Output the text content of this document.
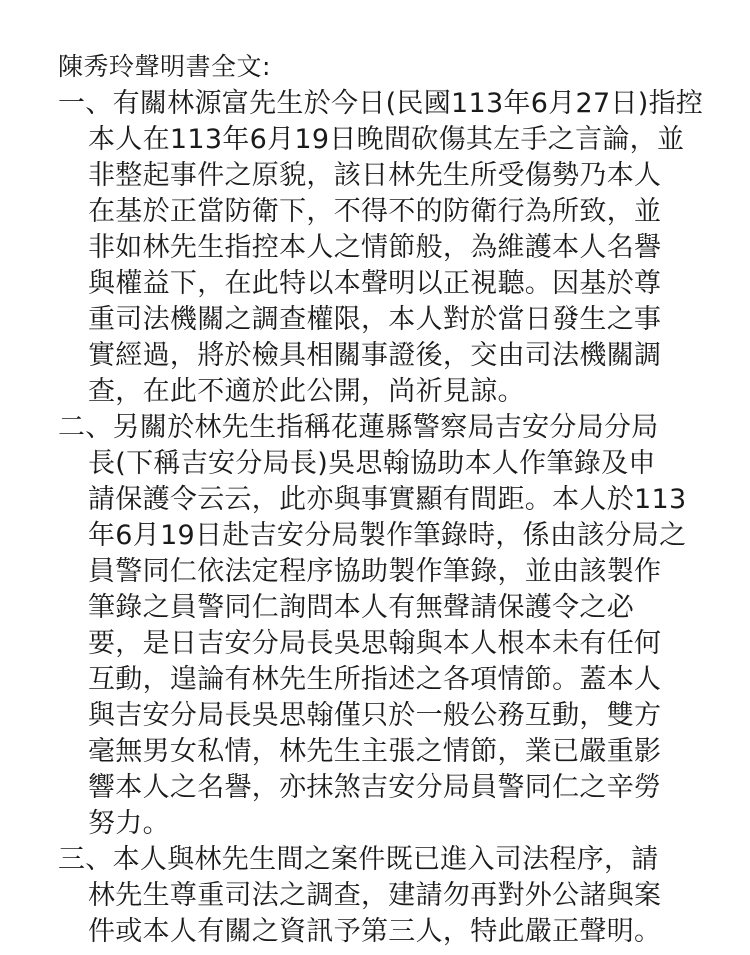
陳秀玲聲明書全文:
一、有關林源富先生於今日(民國113年6月27日)指控
本人在113年6月19日晚間砍傷其左手之言論，並
非整起事件之原貌，該日林先生所受傷勢乃本人
在基於正當防衛下，不得不的防衛行為所致，並
非如林先生指控本人之情節般，為維護本人名譽
與權益下，在此特以本聲明以正視聽。因基於尊
重司法機關之調查權限，本人對於當日發生之事
實經過，將於檢具相關事證後，交由司法機關調
查，在此不適於此公開，尚祈見諒。
二、另關於林先生指稱花蓮縣警察局吉安分局分局
長(下稱吉安分局長)吳思翰協助本人作筆錄及申
請保護令云云，此亦與事實顯有間距。本人於113
年6月19日赴吉安分局製作筆錄時，係由該分局之
員警同仁依法定程序協助製作筆錄，並由該製作
筆錄之員警同仁詢問本人有無聲請保護令之必
要，是日吉安分局長吳思翰與本人根本未有任何
互動，遑論有林先生所指述之各項情節。蓋本人
與吉安分局長吳思翰僅只於一般公務互動，雙方
毫無男女私情，林先生主張之情節，業已嚴重影
響本人之名譽，亦抹煞吉安分局員警同仁之辛勞
努力。
三、本人與林先生間之案件既已進入司法程序，請
林先生尊重司法之調查，建請勿再對外公諸與案
件或本人有關之資訊予第三人，特此嚴正聲明。
